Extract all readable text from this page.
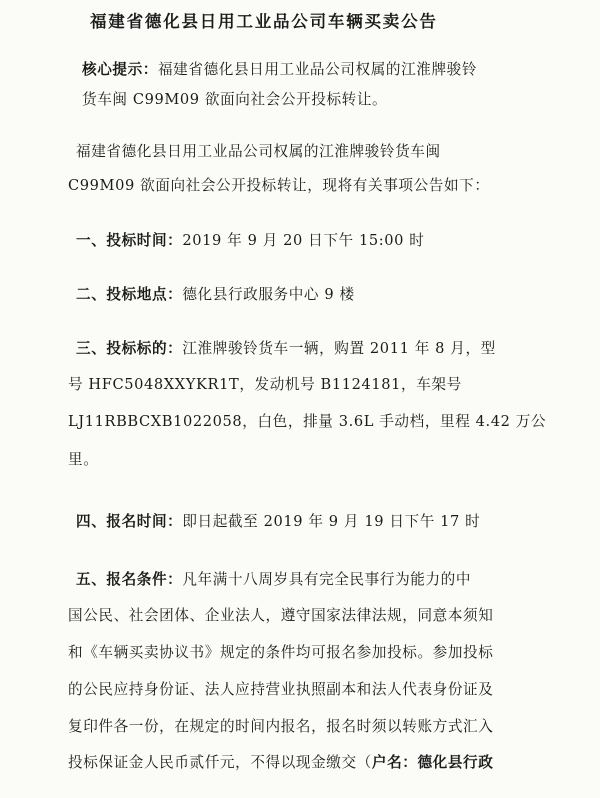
福建省德化县日用工业品公司车辆买卖公告
核心提示：福建省德化县日用工业品公司权属的江淮牌骏铃
货车闽 C99M09 欲面向社会公开投标转让。
福建省德化县日用工业品公司权属的江淮牌骏铃货车闽
C99M09 欲面向社会公开投标转让，现将有关事项公告如下：
一、投标时间：2019 年 9 月 20 日下午 15:00 时
二、投标地点：德化县行政服务中心 9 楼
三、投标标的：江淮牌骏铃货车一辆，购置 2011 年 8 月，型
号 HFC5048XXYKR1T，发动机号 B1124181，车架号
LJ11RBBCXB1022058，白色，排量 3.6L 手动档，里程 4.42 万公
里。
四、报名时间：即日起截至 2019 年 9 月 19 日下午 17 时
五、报名条件：凡年满十八周岁具有完全民事行为能力的中
国公民、社会团体、企业法人，遵守国家法律法规，同意本须知
和《车辆买卖协议书》规定的条件均可报名参加投标。参加投标
的公民应持身份证、法人应持营业执照副本和法人代表身份证及
复印件各一份，在规定的时间内报名，报名时须以转账方式汇入
投标保证金人民币贰仟元，不得以现金缴交（户名：德化县行政
